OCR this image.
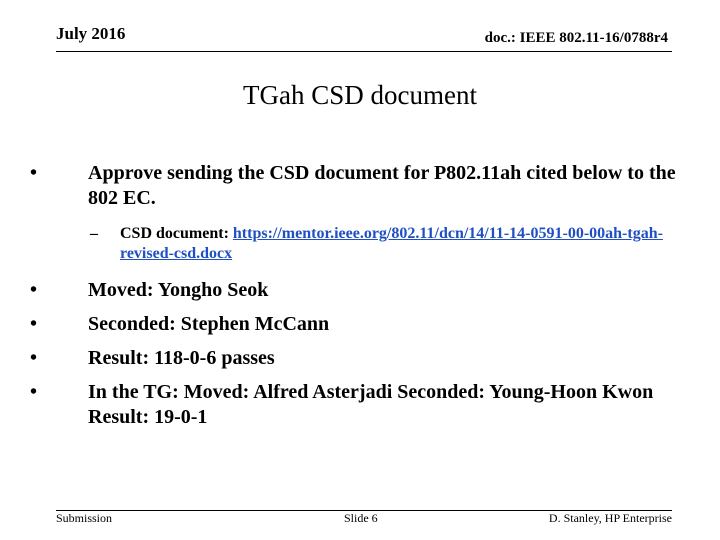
July 2016	doc.: IEEE 802.11-16/0788r4
TGah CSD document
•	Approve sending the CSD document for P802.11ah cited below to the 802 EC.
– CSD document: https://mentor.ieee.org/802.11/dcn/14/11-14-0591-00-00ah-tgah-revised-csd.docx
•	Moved: Yongho Seok
•	Seconded: Stephen McCann
•	Result: 118-0-6 passes
•	In the TG: Moved: Alfred Asterjadi Seconded: Young-Hoon Kwon Result: 19-0-1
Submission	Slide 6	D. Stanley, HP Enterprise
